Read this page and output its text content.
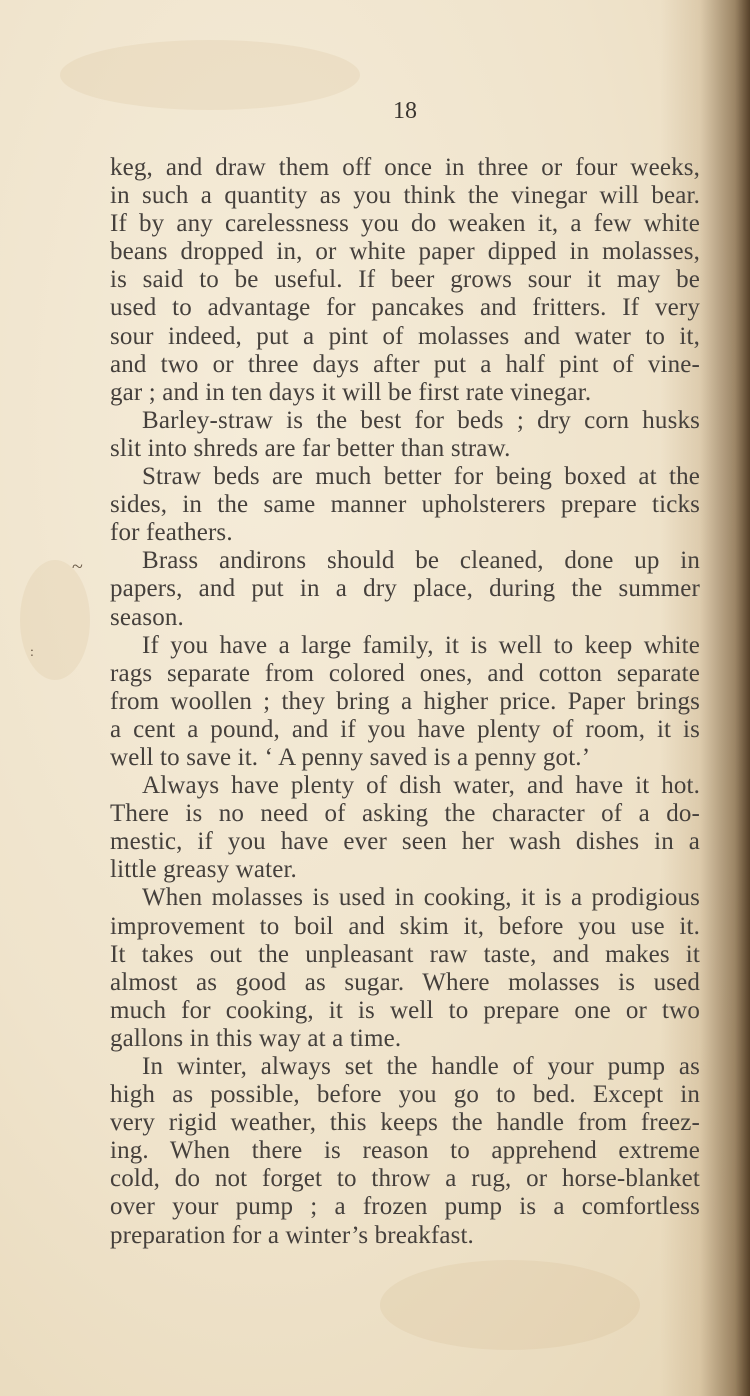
18
~
:
keg, and draw them off once in three or four weeks,
in such a quantity as you think the vinegar will bear.
If by any carelessness you do weaken it, a few white
beans dropped in, or white paper dipped in molasses,
is said to be useful. If beer grows sour it may be
used to advantage for pancakes and fritters. If very
sour indeed, put a pint of molasses and water to it,
and two or three days after put a half pint of vine-
gar ; and in ten days it will be first rate vinegar.
Barley-straw is the best for beds ; dry corn husks
slit into shreds are far better than straw.
Straw beds are much better for being boxed at the
sides, in the same manner upholsterers prepare ticks
for feathers.
Brass andirons should be cleaned, done up in
papers, and put in a dry place, during the summer
season.
If you have a large family, it is well to keep white
rags separate from colored ones, and cotton separate
from woollen ; they bring a higher price. Paper brings
a cent a pound, and if you have plenty of room, it is
well to save it. ‘ A penny saved is a penny got.’
Always have plenty of dish water, and have it hot.
There is no need of asking the character of a do-
mestic, if you have ever seen her wash dishes in a
little greasy water.
When molasses is used in cooking, it is a prodigious
improvement to boil and skim it, before you use it.
It takes out the unpleasant raw taste, and makes it
almost as good as sugar. Where molasses is used
much for cooking, it is well to prepare one or two
gallons in this way at a time.
In winter, always set the handle of your pump as
high as possible, before you go to bed. Except in
very rigid weather, this keeps the handle from freez-
ing. When there is reason to apprehend extreme
cold, do not forget to throw a rug, or horse-blanket
over your pump ; a frozen pump is a comfortless
preparation for a winter’s breakfast.
